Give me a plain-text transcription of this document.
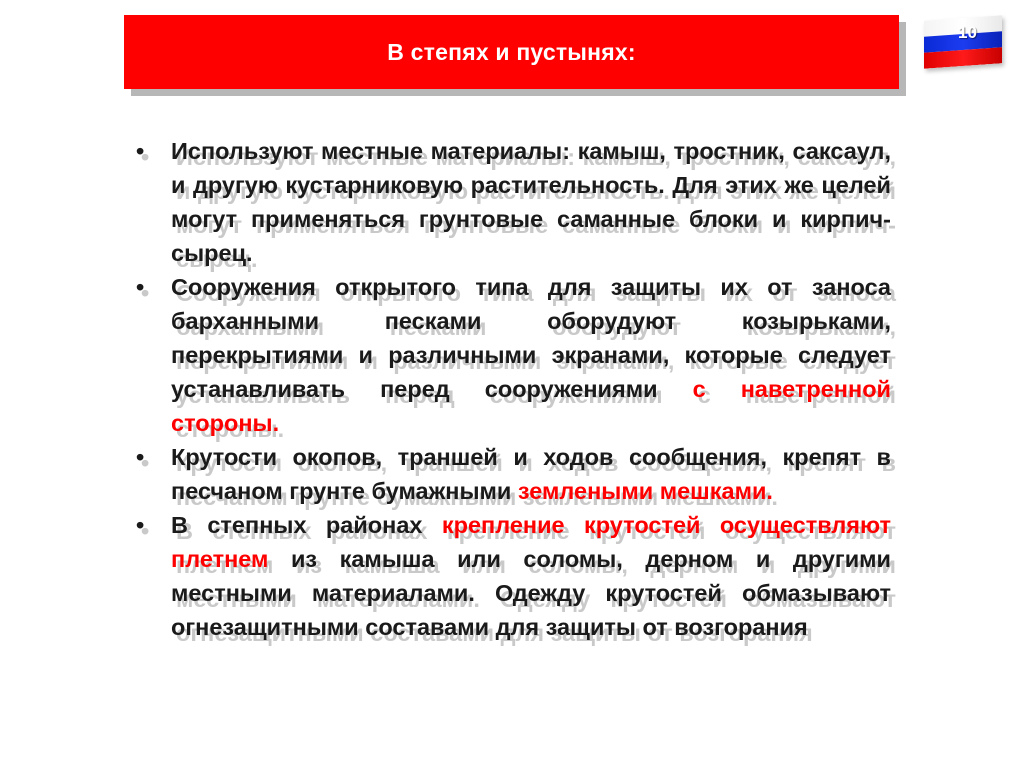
В степях и пустынях:
10

• Используют местные материалы: камыш, тростник, саксаул, и другую кустарниковую растительность. Для этих же целей могут применяться грунтовые саманные блоки и кирпич-сырец.

• Сооружения открытого типа для защиты их от заноса барханными песками оборудуют козырьками, перекрытиями и различными экранами, которые следует устанавливать перед сооружениями с наветренной стороны.

• Крутости окопов, траншей и ходов сообщения, крепят в песчаном грунте бумажными землеными мешками.

• В степных районах крепление крутостей осуществляют плетнем из камыша или соломы, дерном и другими местными материалами. Одежду крутостей обмазывают огнезащитными составами для защиты от возгорания
